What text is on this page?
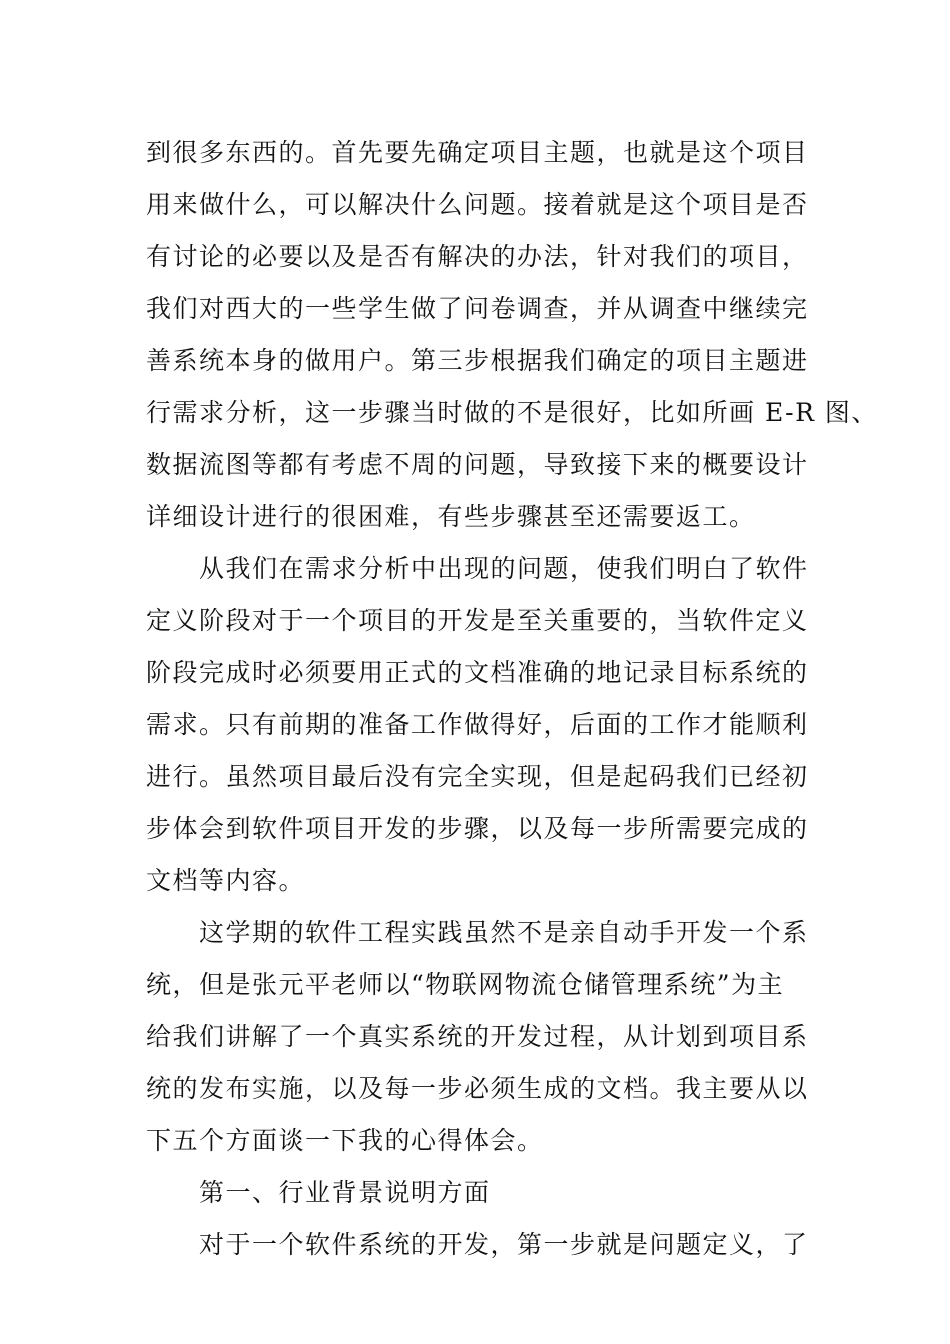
到很多东西的。首先要先确定项目主题，也就是这个项目
用来做什么，可以解决什么问题。接着就是这个项目是否
有讨论的必要以及是否有解决的办法，针对我们的项目，
我们对西大的一些学生做了问卷调查，并从调查中继续完
善系统本身的做用户。第三步根据我们确定的项目主题进
行需求分析，这一步骤当时做的不是很好，比如所画 E-R 图、
数据流图等都有考虑不周的问题，导致接下来的概要设计
详细设计进行的很困难，有些步骤甚至还需要返工。
　　从我们在需求分析中出现的问题，使我们明白了软件
定义阶段对于一个项目的开发是至关重要的，当软件定义
阶段完成时必须要用正式的文档准确的地记录目标系统的
需求。只有前期的准备工作做得好，后面的工作才能顺利
进行。虽然项目最后没有完全实现，但是起码我们已经初
步体会到软件项目开发的步骤，以及每一步所需要完成的
文档等内容。
　　这学期的软件工程实践虽然不是亲自动手开发一个系
统，但是张元平老师以“物联网物流仓储管理系统”为主
给我们讲解了一个真实系统的开发过程，从计划到项目系
统的发布实施，以及每一步必须生成的文档。我主要从以
下五个方面谈一下我的心得体会。
　　第一、行业背景说明方面
　　对于一个软件系统的开发，第一步就是问题定义，了
